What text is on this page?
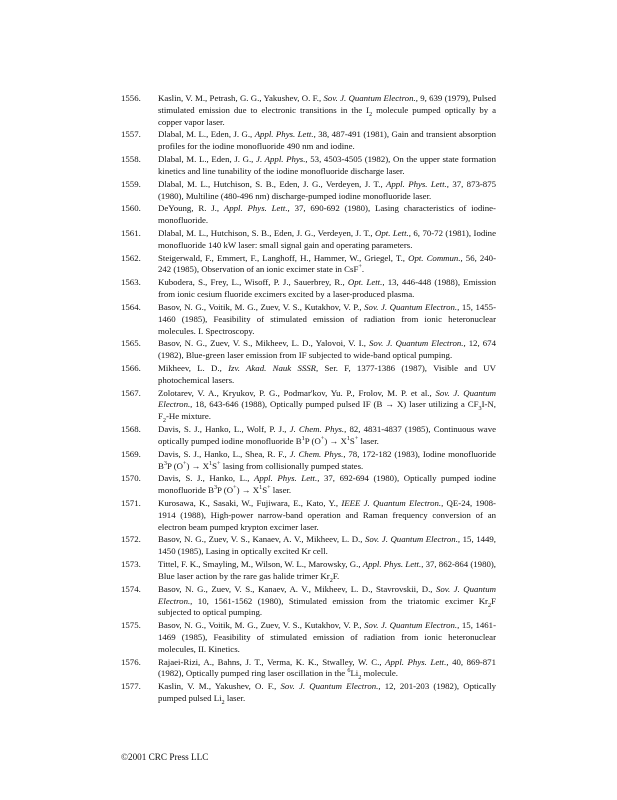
1556.	Kaslin, V. M., Petrash, G. G., Yakushev, O. F., Sov. J. Quantum Electron., 9, 639 (1979), Pulsed stimulated emission due to electronic transitions in the $I_2$ molecule pumped optically by a copper vapor laser.
1557.	Dlabal, M. L., Eden, J. G., Appl. Phys. Lett., 38, 487-491 (1981), Gain and transient absorption profiles for the iodine monofluoride 490 nm and iodine.
1558.	Dlabal, M. L., Eden, J. G., J. Appl. Phys., 53, 4503-4505 (1982), On the upper state formation kinetics and line tunability of the iodine monofluoride discharge laser.
1559.	Dlabal, M. L., Hutchison, S. B., Eden, J. G., Verdeyen, J. T., Appl. Phys. Lett., 37, 873-875 (1980), Multiline (480-496 nm) discharge-pumped iodine monofluoride laser.
1560.	DeYoung, R. J., Appl. Phys. Lett., 37, 690-692 (1980), Lasing characteristics of iodine-monofluoride.
1561.	Dlabal, M. L., Hutchison, S. B., Eden, J. G., Verdeyen, J. T., Opt. Lett., 6, 70-72 (1981), Iodine monofluoride 140 kW laser: small signal gain and operating parameters.
1562.	Steigerwald, F., Emmert, F., Langhoff, H., Hammer, W., Griegel, T., Opt. Commun., 56, 240-242 (1985), Observation of an ionic excimer state in CsF+.
1563.	Kubodera, S., Frey, L., Wisoff, P. J., Sauerbrey, R., Opt. Lett., 13, 446-448 (1988), Emission from ionic cesium fluoride excimers excited by a laser-produced plasma.
1564.	Basov, N. G., Voitik, M. G., Zuev, V. S., Kutakhov, V. P., Sov. J. Quantum Electron., 15, 1455-1460 (1985), Feasibility of stimulated emission of radiation from ionic heteronuclear molecules. I. Spectroscopy.
1565.	Basov, N. G., Zuev, V. S., Mikheev, L. D., Yalovoi, V. I., Sov. J. Quantum Electron., 12, 674 (1982), Blue-green laser emission from IF subjected to wide-band optical pumping.
1566.	Mikheev, L. D., Izv. Akad. Nauk SSSR, Ser. F, 1377-1386 (1987), Visible and UV photochemical lasers.
1567.	Zolotarev, V. A., Kryukov, P. G., Podmar'kov, Yu. P., Frolov, M. P. et al., Sov. J. Quantum Electron., 18, 643-646 (1988), Optically pumped pulsed IF (B → X) laser utilizing a $CF_3I-N$, $F_2-He$ mixture.
1568.	Davis, S. J., Hanko, L., Wolf, P. J., J. Chem. Phys., 82, 4831-4837 (1985), Continuous wave optically pumped iodine monofluoride $B^1P$ $(O^+) \to X^1S^+$ laser.
1569.	Davis, S. J., Hanko, L., Shea, R. F., J. Chem. Phys., 78, 172-182 (1983), Iodine monofluoride $B^3P$ $(O^+) \to X^1S^+$ lasing from collisionally pumped states.
1570.	Davis, S. J., Hanko, L., Appl. Phys. Lett., 37, 692-694 (1980), Optically pumped iodine monofluoride $B^3P$ $(O^+) \to X^1S^+$ laser.
1571.	Kurosawa, K., Sasaki, W., Fujiwara, E., Kato, Y., IEEE J. Quantum Electron., QE-24, 1908-1914 (1988), High-power narrow-band operation and Raman frequency conversion of an electron beam pumped krypton excimer laser.
1572.	Basov, N. G., Zuev, V. S., Kanaev, A. V., Mikheev, L. D., Sov. J. Quantum Electron., 15, 1449, 1450 (1985), Lasing in optically excited Kr cell.
1573.	Tittel, F. K., Smayling, M., Wilson, W. L., Marowsky, G., Appl. Phys. Lett., 37, 862-864 (1980), Blue laser action by the rare gas halide trimer $Kr_2F$.
1574.	Basov, N. G., Zuev, V. S., Kanaev, A. V., Mikheev, L. D., Stavrovskii, D., Sov. J. Quantum Electron., 10, 1561-1562 (1980), Stimulated emission from the triatomic excimer $Kr_2F$ subjected to optical pumping.
1575.	Basov, N. G., Voitik, M. G., Zuev, V. S., Kutakhov, V. P., Sov. J. Quantum Electron., 15, 1461-1469 (1985), Feasibility of stimulated emission of radiation from ionic heteronuclear molecules, II. Kinetics.
1576.	Rajaei-Rizi, A., Bahns, J. T., Verma, K. K., Stwalley, W. C., Appl. Phys. Lett., 40, 869-871 (1982), Optically pumped ring laser oscillation in the $^6Li_2$ molecule.
1577.	Kaslin, V. M., Yakushev, O. F., Sov. J. Quantum Electron., 12, 201-203 (1982), Optically pumped pulsed $Li_2$ laser.
©2001 CRC Press LLC
